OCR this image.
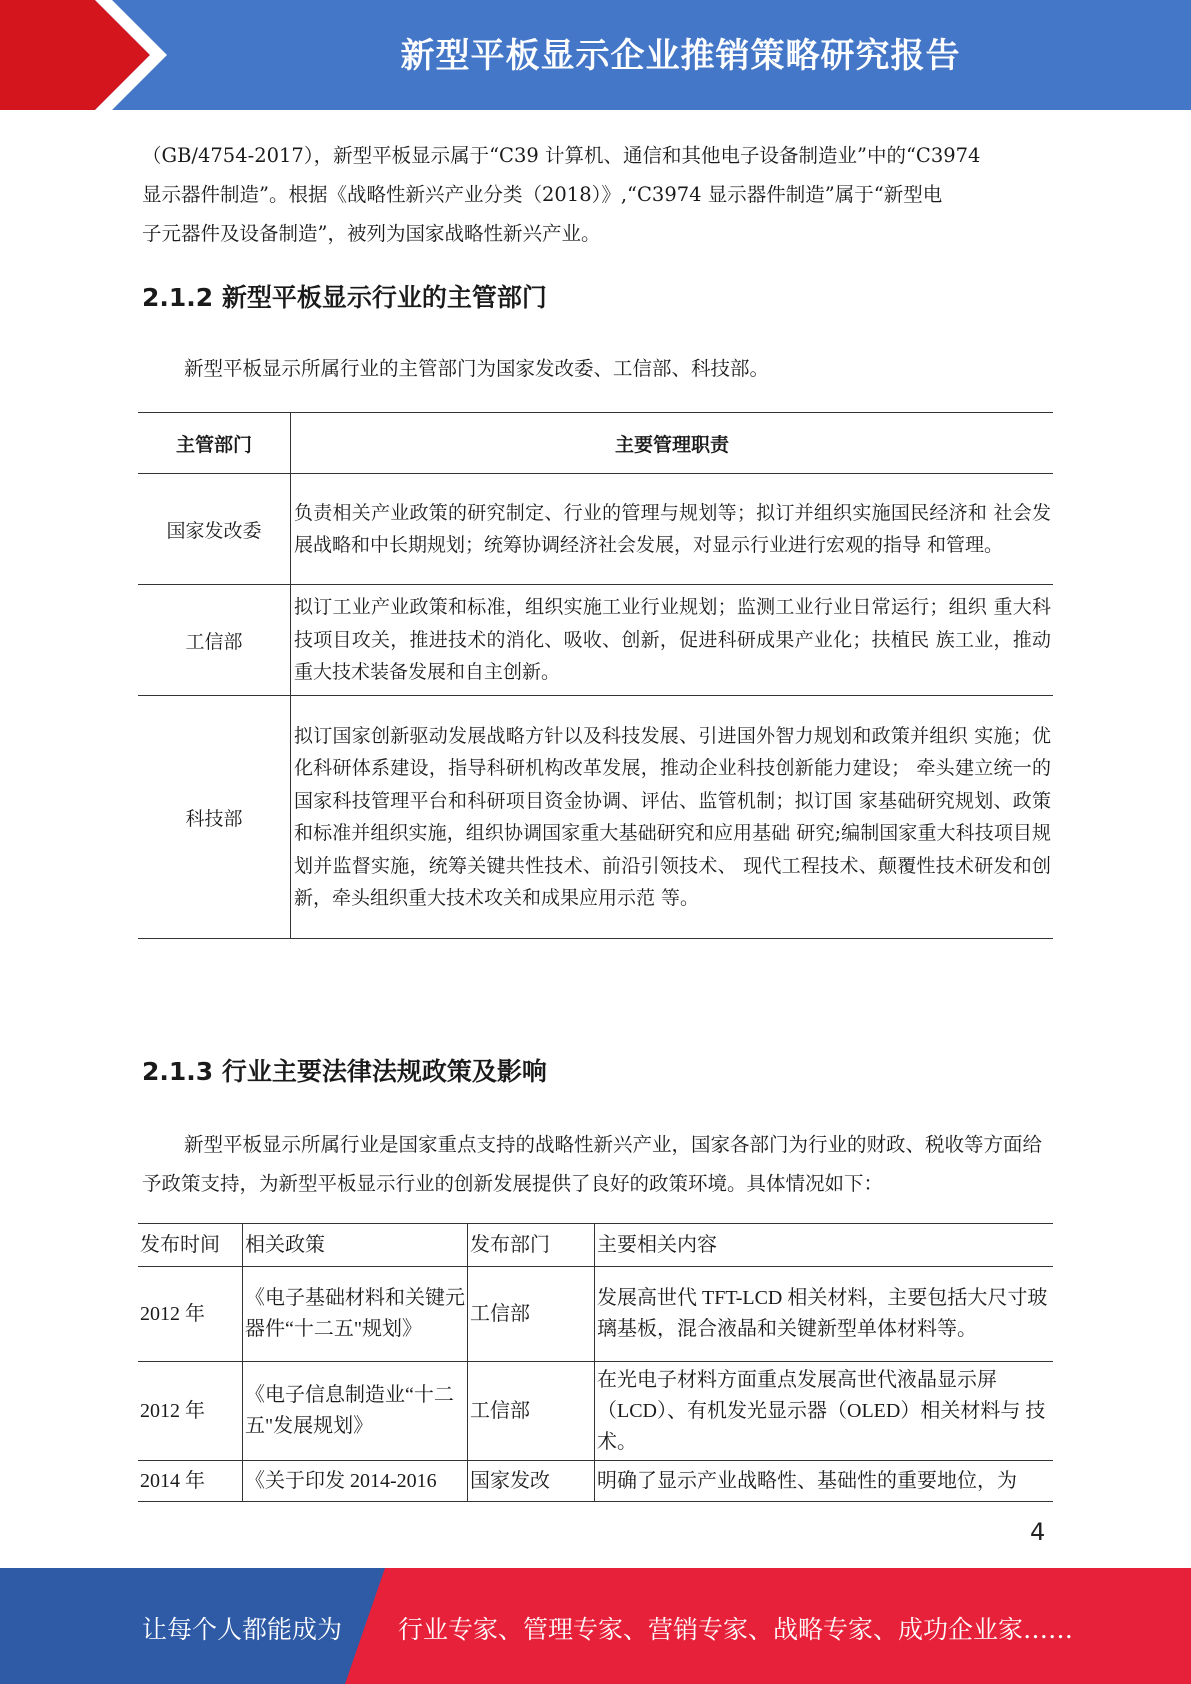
新型平板显示企业推销策略研究报告
（GB/4754-2017），新型平板显示属于“C39 计算机、通信和其他电子设备制造业”中的“C3974
显示器件制造”。根据《战略性新兴产业分类（2018）》,“C3974 显示器件制造”属于“新型电
子元器件及设备制造”，被列为国家战略性新兴产业。
2.1.2 新型平板显示行业的主管部门
新型平板显示所属行业的主管部门为国家发改委、工信部、科技部。
主管部门	主要管理职责
国家发改委	负责相关产业政策的研究制定、行业的管理与规划等；拟订并组织实施国民经济和 社会发展战略和中长期规划；统筹协调经济社会发展，对显示行业进行宏观的指导 和管理。
工信部	拟订工业产业政策和标准，组织实施工业行业规划；监测工业行业日常运行；组织 重大科技项目攻关，推进技术的消化、吸收、创新，促进科研成果产业化；扶植民 族工业，推动重大技术装备发展和自主创新。
科技部	拟订国家创新驱动发展战略方针以及科技发展、引进国外智力规划和政策并组织 实施；优化科研体系建设，指导科研机构改革发展，推动企业科技创新能力建设； 牵头建立统一的国家科技管理平台和科研项目资金协调、评估、监管机制；拟订国 家基础研究规划、政策和标准并组织实施，组织协调国家重大基础研究和应用基础 研究;编制国家重大科技项目规划并监督实施，统筹关键共性技术、前沿引领技术、 现代工程技术、颠覆性技术研发和创新，牵头组织重大技术攻关和成果应用示范 等。
2.1.3 行业主要法律法规政策及影响
新型平板显示所属行业是国家重点支持的战略性新兴产业，国家各部门为行业的财政、税收等方面给予政策支持，为新型平板显示行业的创新发展提供了良好的政策环境。具体情况如下：
发布时间	相关政策	发布部门	主要相关内容
2012 年	《电子基础材料和关键元器件“十二五"规划》	工信部	发展高世代 TFT-LCD 相关材料，主要包括大尺寸玻璃基板，混合液晶和关键新型单体材料等。
2012 年	《电子信息制造业“十二五"发展规划》	工信部	在光电子材料方面重点发展高世代液晶显示屏（LCD）、有机发光显示器（OLED）相关材料与 技术。
2014 年	《关于印发 2014-2016	国家发改	明确了显示产业战略性、基础性的重要地位，为
4
让每个人都能成为 行业专家、管理专家、营销专家、战略专家、成功企业家……
